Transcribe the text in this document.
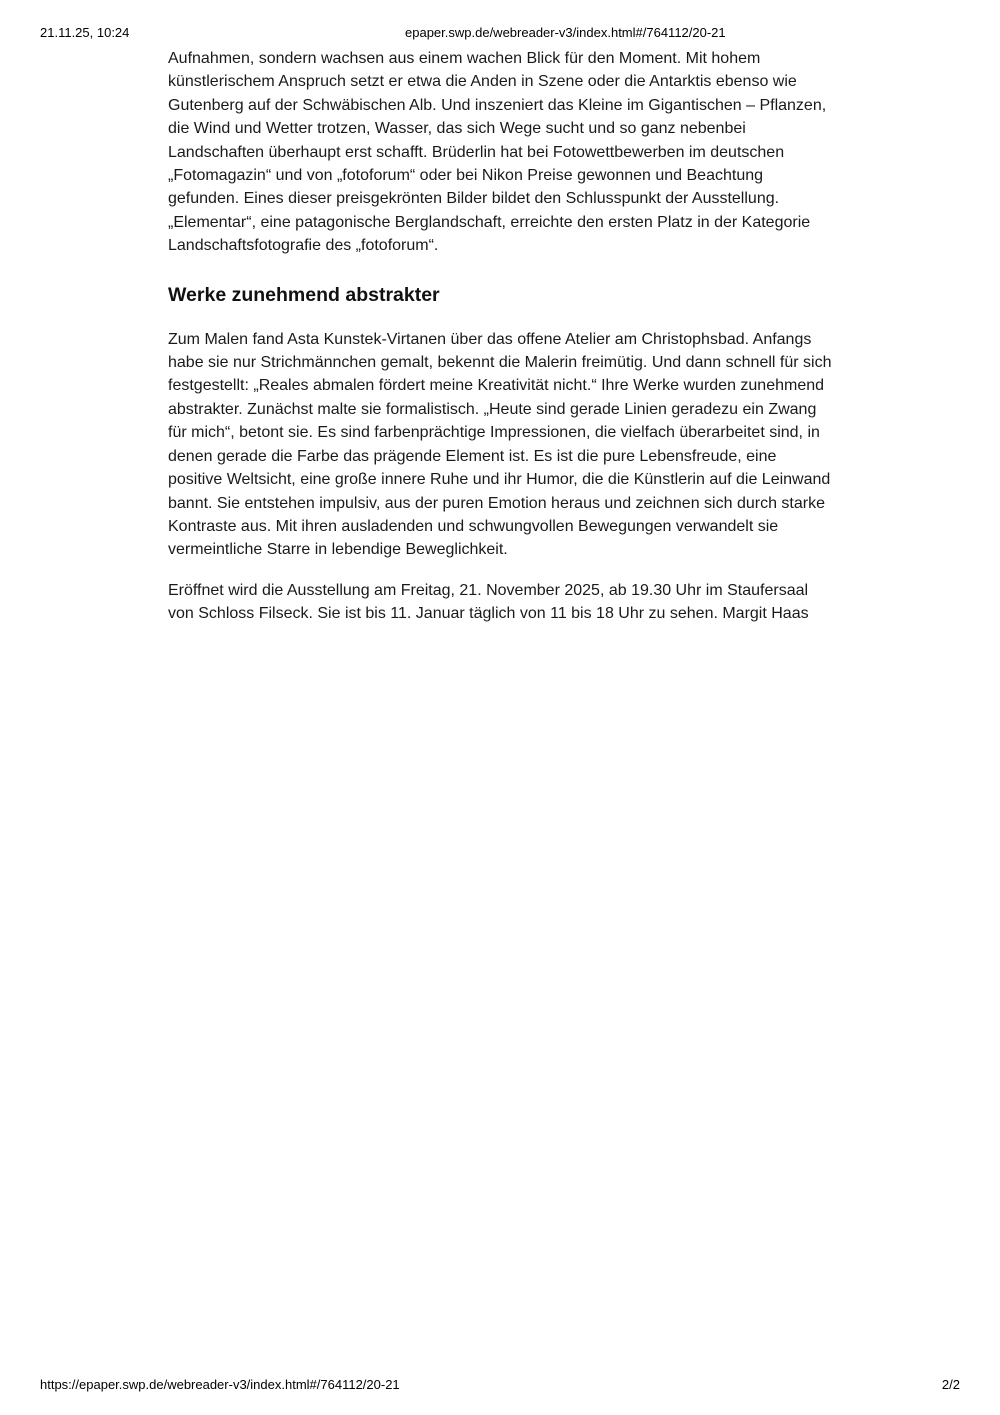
21.11.25, 10:24	epaper.swp.de/webreader-v3/index.html#/764112/20-21

Aufnahmen, sondern wachsen aus einem wachen Blick für den Moment. Mit hohem künstlerischem Anspruch setzt er etwa die Anden in Szene oder die Antarktis ebenso wie Gutenberg auf der Schwäbischen Alb. Und inszeniert das Kleine im Gigantischen – Pflanzen, die Wind und Wetter trotzen, Wasser, das sich Wege sucht und so ganz nebenbei Landschaften überhaupt erst schafft. Brüderlin hat bei Fotowettbewerben im deutschen „Fotomagazin“ und von „fotoforum“ oder bei Nikon Preise gewonnen und Beachtung gefunden. Eines dieser preisgekrönten Bilder bildet den Schlusspunkt der Ausstellung. „Elementar“, eine patagonische Berglandschaft, erreichte den ersten Platz in der Kategorie Landschaftsfotografie des „fotoforum“.

Werke zunehmend abstrakter

Zum Malen fand Asta Kunstek-Virtanen über das offene Atelier am Christophsbad. Anfangs habe sie nur Strichmännchen gemalt, bekennt die Malerin freimütig. Und dann schnell für sich festgestellt: „Reales abmalen fördert meine Kreativität nicht.“ Ihre Werke wurden zunehmend abstrakter. Zunächst malte sie formalistisch. „Heute sind gerade Linien geradezu ein Zwang für mich“, betont sie. Es sind farbenprächtige Impressionen, die vielfach überarbeitet sind, in denen gerade die Farbe das prägende Element ist. Es ist die pure Lebensfreude, eine positive Weltsicht, eine große innere Ruhe und ihr Humor, die die Künstlerin auf die Leinwand bannt. Sie entstehen impulsiv, aus der puren Emotion heraus und zeichnen sich durch starke Kontraste aus. Mit ihren ausladenden und schwungvollen Bewegungen verwandelt sie vermeintliche Starre in lebendige Beweglichkeit.

Eröffnet wird die Ausstellung am Freitag, 21. November 2025, ab 19.30 Uhr im Staufersaal von Schloss Filseck. Sie ist bis 11. Januar täglich von 11 bis 18 Uhr zu sehen. Margit Haas

https://epaper.swp.de/webreader-v3/index.html#/764112/20-21	2/2
